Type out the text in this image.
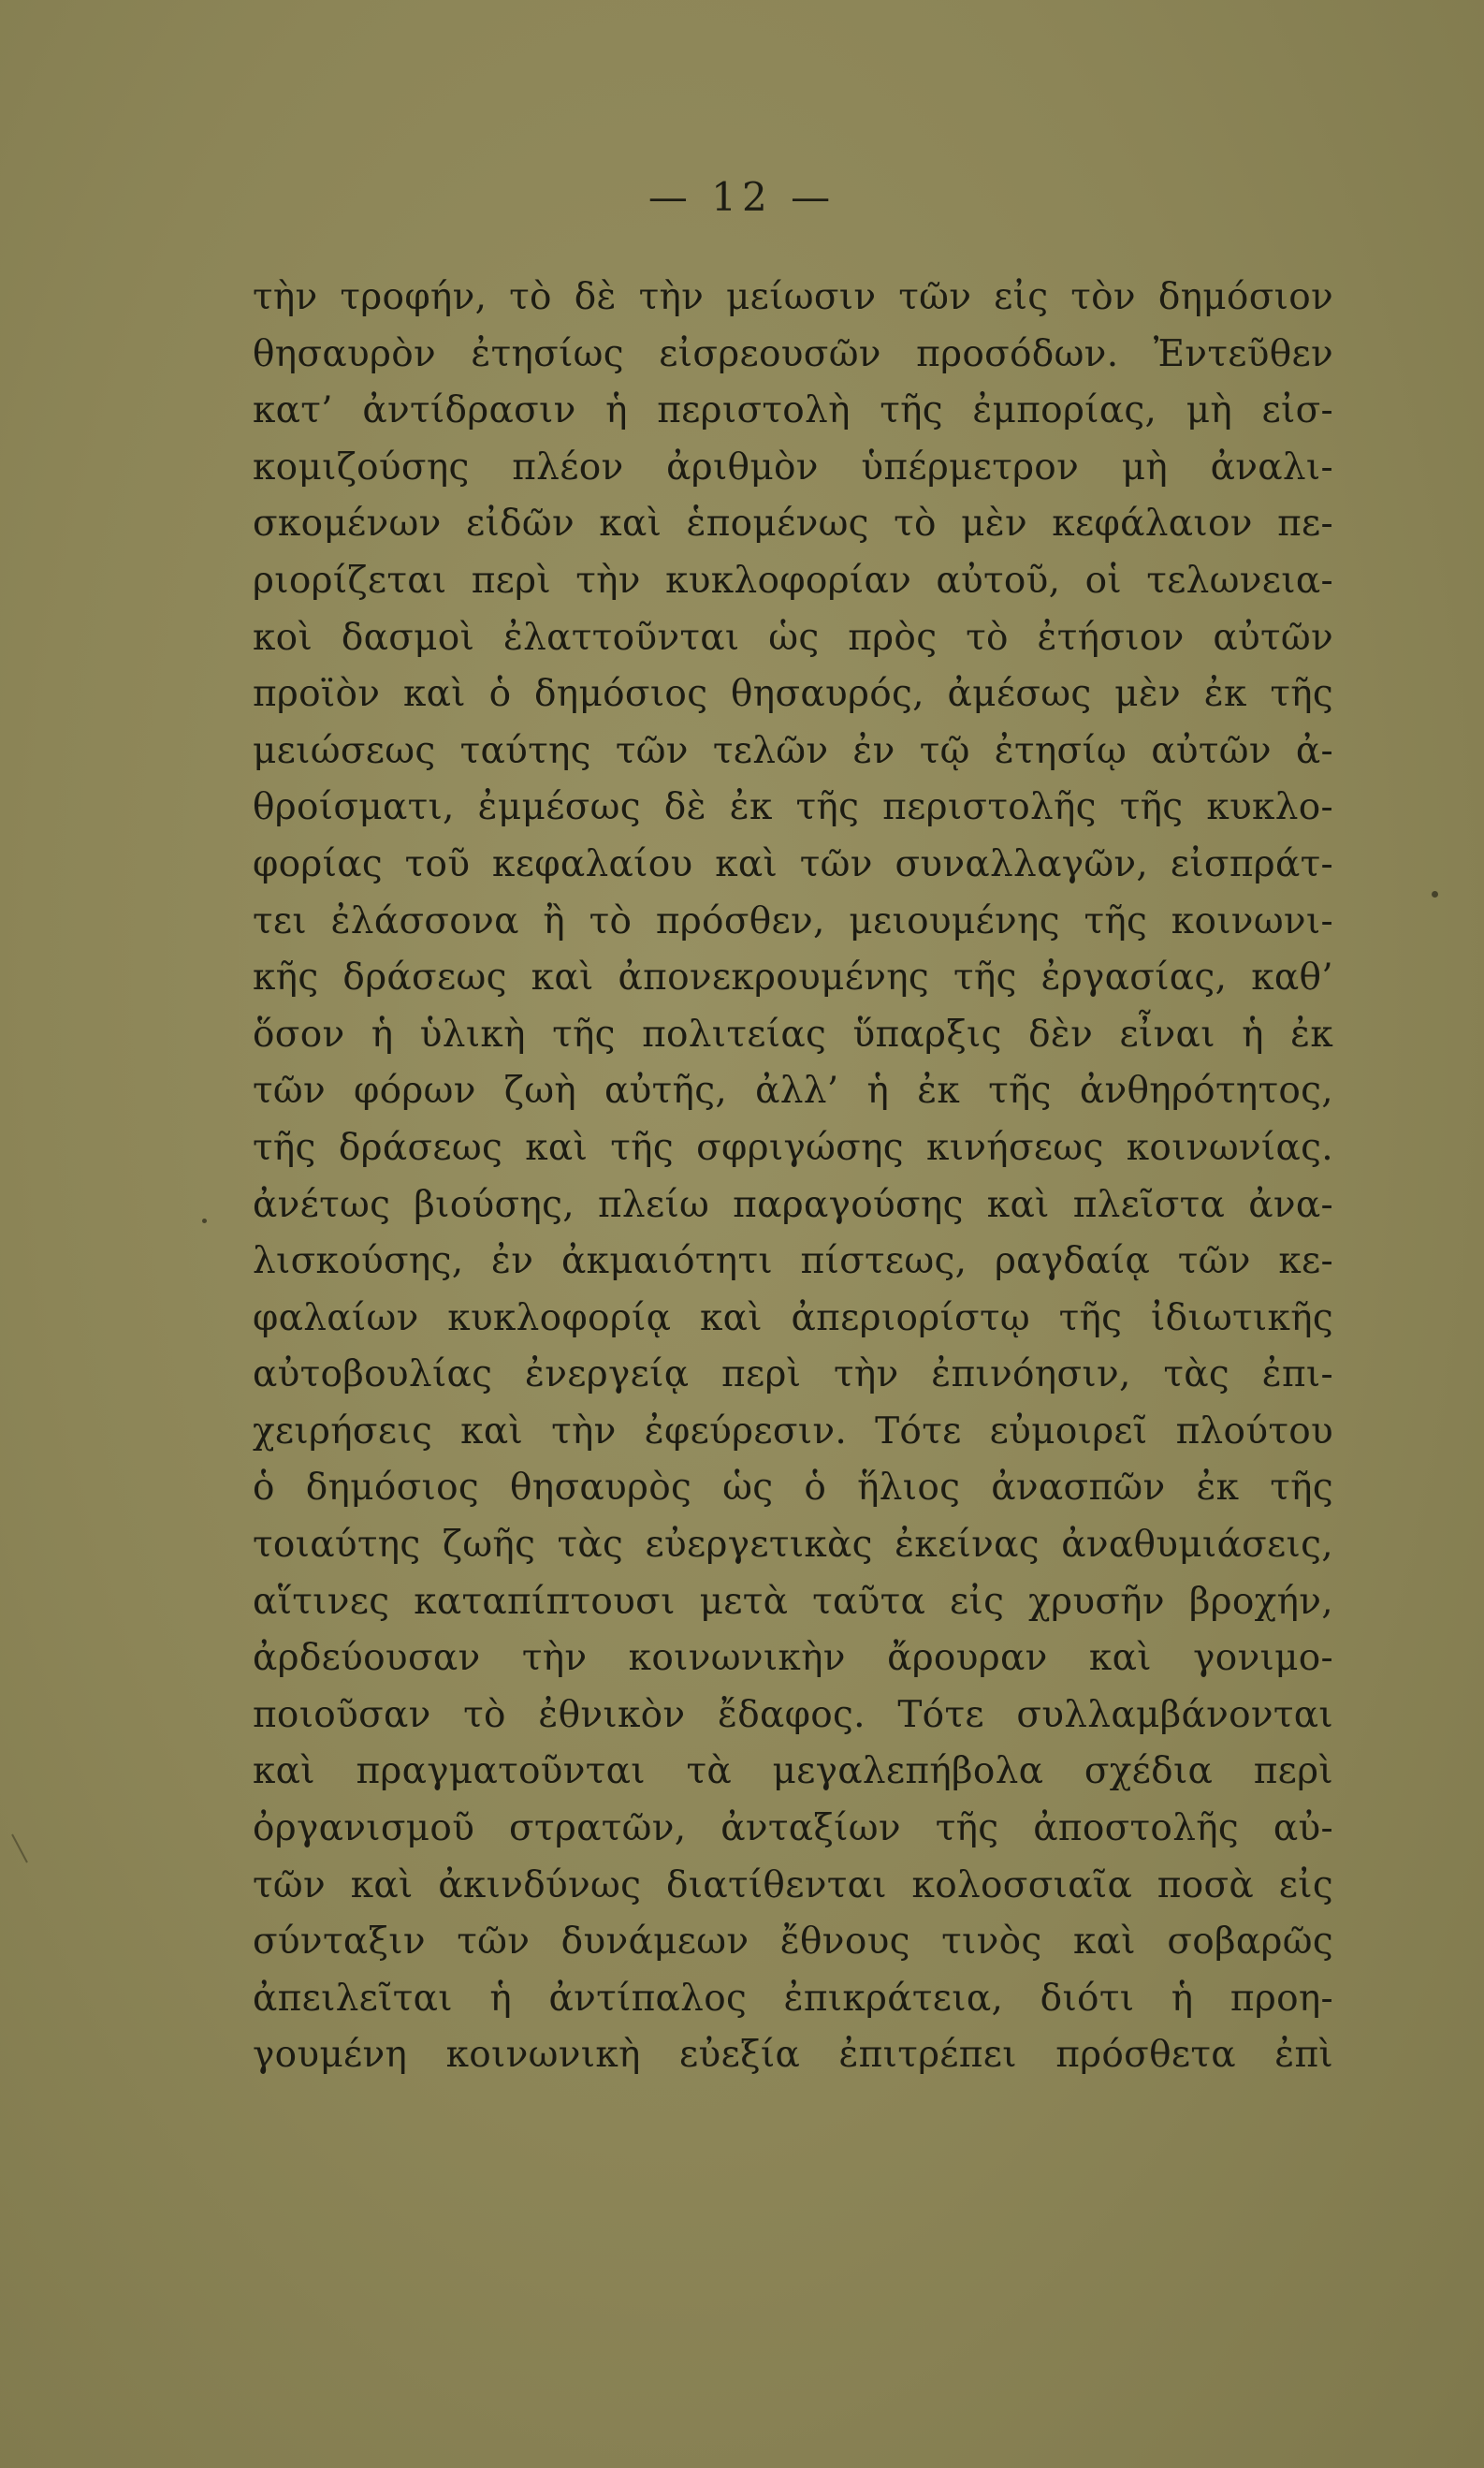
— 12 —
τὴν τροφήν, τὸ δὲ τὴν μείωσιν τῶν εἰς τὸν δημόσιον
θησαυρὸν ἐτησίως εἰσρεουσῶν προσόδων. Ἐντεῦθεν
κατ’ ἀντίδρασιν ἡ περιστολὴ τῆς ἐμπορίας, μὴ εἰσ-
κομιζούσης πλέον ἀριθμὸν ὑπέρμετρον μὴ ἀναλι-
σκομένων εἰδῶν καὶ ἑπομένως τὸ μὲν κεφάλαιον πε-
ριορίζεται περὶ τὴν κυκλοφορίαν αὐτοῦ, οἱ τελωνεια-
κοὶ δασμοὶ ἐλαττοῦνται ὡς πρὸς τὸ ἐτήσιον αὐτῶν
προϊὸν καὶ ὁ δημόσιος θησαυρός, ἀμέσως μὲν ἐκ τῆς
μειώσεως ταύτης τῶν τελῶν ἐν τῷ ἐτησίῳ αὐτῶν ἀ-
θροίσματι, ἐμμέσως δὲ ἐκ τῆς περιστολῆς τῆς κυκλο-
φορίας τοῦ κεφαλαίου καὶ τῶν συναλλαγῶν, εἰσπράτ-
τει ἐλάσσονα ἢ τὸ πρόσθεν, μειουμένης τῆς κοινωνι-
κῆς δράσεως καὶ ἀπονεκρουμένης τῆς ἐργασίας, καθ’
ὅσον ἡ ὑλικὴ τῆς πολιτείας ὕπαρξις δὲν εἶναι ἡ ἐκ
τῶν φόρων ζωὴ αὐτῆς, ἀλλ’ ἡ ἐκ τῆς ἀνθηρότητος,
τῆς δράσεως καὶ τῆς σφριγώσης κινήσεως κοινωνίας.
ἀνέτως βιούσης, πλείω παραγούσης καὶ πλεῖστα ἀνα-
λισκούσης, ἐν ἀκμαιότητι πίστεως, ραγδαίᾳ τῶν κε-
φαλαίων κυκλοφορίᾳ καὶ ἀπεριορίστῳ τῆς ἰδιωτικῆς
αὐτοβουλίας ἐνεργείᾳ περὶ τὴν ἐπινόησιν, τὰς ἐπι-
χειρήσεις καὶ τὴν ἐφεύρεσιν. Τότε εὐμοιρεῖ πλούτου
ὁ δημόσιος θησαυρὸς ὡς ὁ ἥλιος ἀνασπῶν ἐκ τῆς
τοιαύτης ζωῆς τὰς εὐεργετικὰς ἐκείνας ἀναθυμιάσεις,
αἵτινες καταπίπτουσι μετὰ ταῦτα εἰς χρυσῆν βροχήν,
ἀρδεύουσαν τὴν κοινωνικὴν ἄρουραν καὶ γονιμο-
ποιοῦσαν τὸ ἐθνικὸν ἔδαφος. Τότε συλλαμβάνονται
καὶ πραγματοῦνται τὰ μεγαλεπήβολα σχέδια περὶ
ὀργανισμοῦ στρατῶν, ἀνταξίων τῆς ἀποστολῆς αὐ-
τῶν καὶ ἀκινδύνως διατίθενται κολοσσιαῖα ποσὰ εἰς
σύνταξιν τῶν δυνάμεων ἔθνους τινὸς καὶ σοβαρῶς
ἀπειλεῖται ἡ ἀντίπαλος ἐπικράτεια, διότι ἡ προη-
γουμένη κοινωνικὴ εὐεξία ἐπιτρέπει πρόσθετα ἐπὶ
